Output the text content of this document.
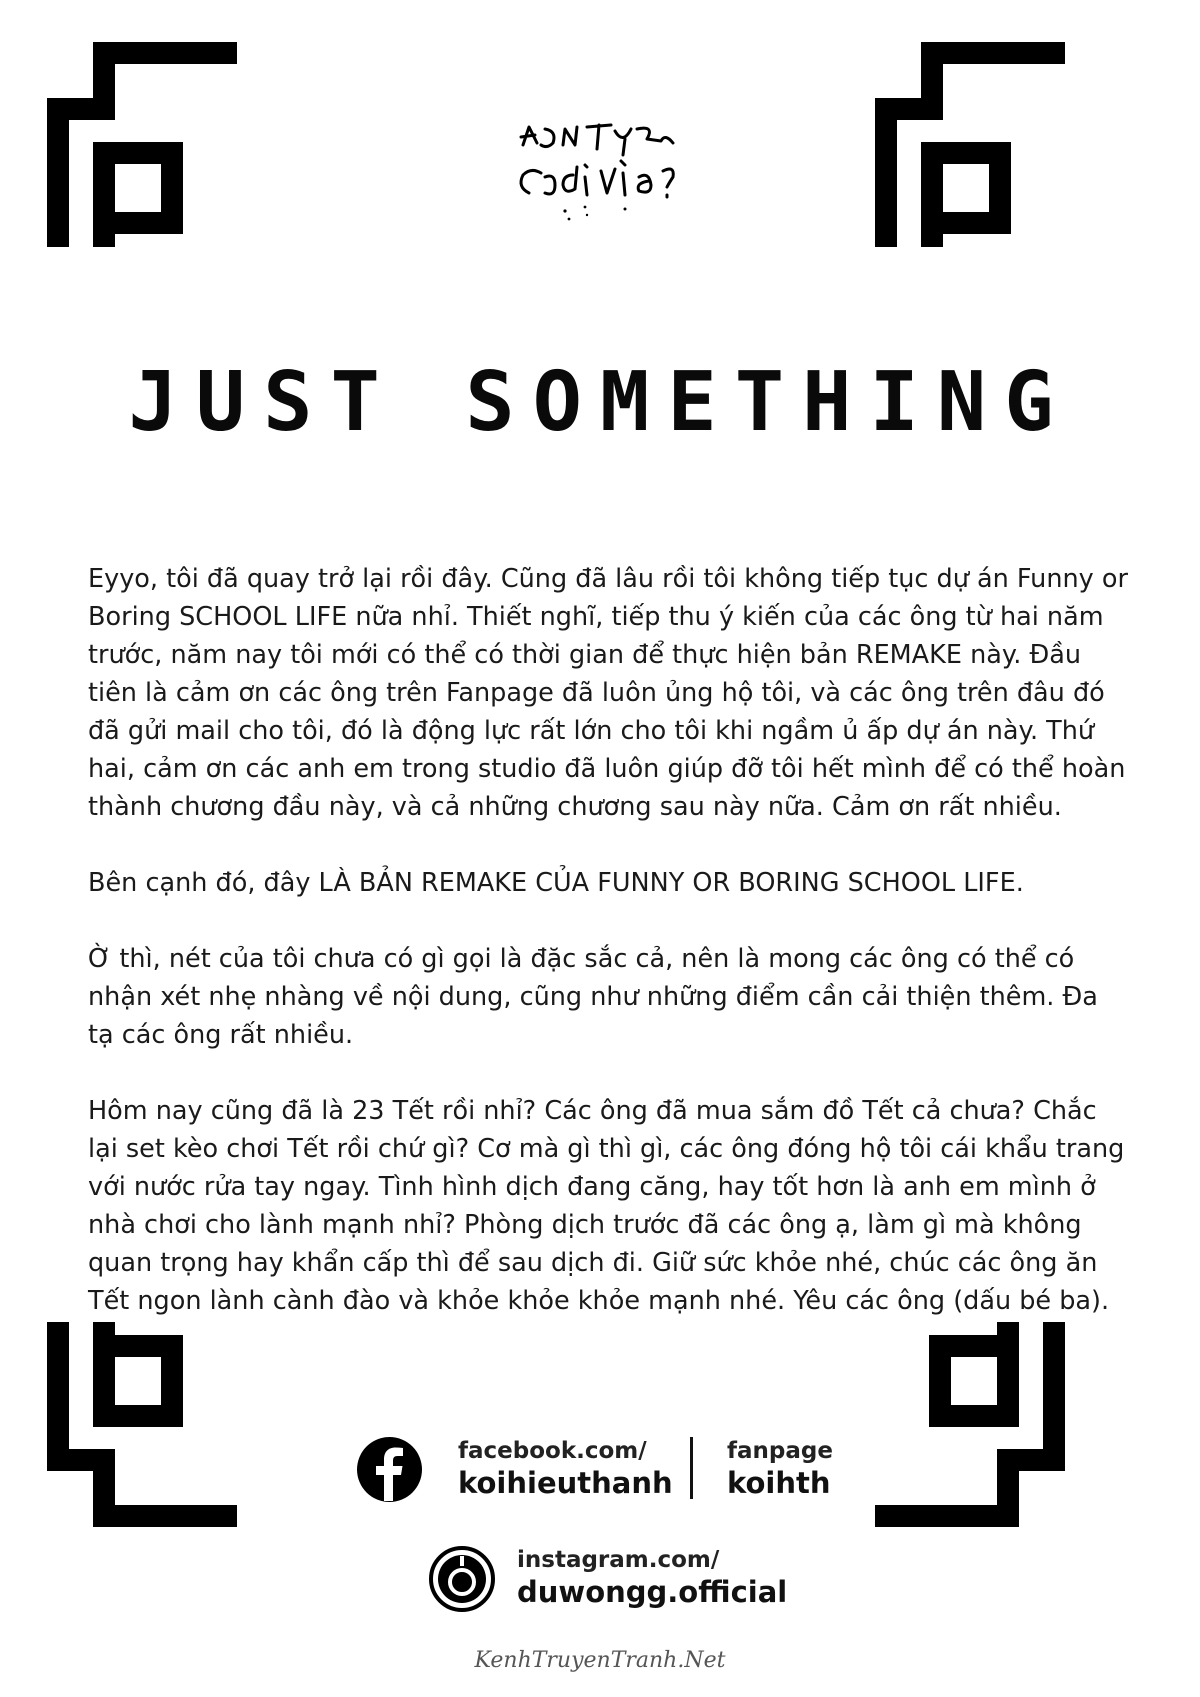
JUST SOMETHING

Eyyo, tôi đã quay trở lại rồi đây. Cũng đã lâu rồi tôi không tiếp tục dự án Funny or Boring SCHOOL LIFE nữa nhỉ. Thiết nghĩ, tiếp thu ý kiến của các ông từ hai năm trước, năm nay tôi mới có thể có thời gian để thực hiện bản REMAKE này. Đầu tiên là cảm ơn các ông trên Fanpage đã luôn ủng hộ tôi, và các ông trên đâu đó đã gửi mail cho tôi, đó là động lực rất lớn cho tôi khi ngầm ủ ấp dự án này. Thứ hai, cảm ơn các anh em trong studio đã luôn giúp đỡ tôi hết mình để có thể hoàn thành chương đầu này, và cả những chương sau này nữa. Cảm ơn rất nhiều.

Bên cạnh đó, đây LÀ BẢN REMAKE CỦA FUNNY OR BORING SCHOOL LIFE.

Ờ thì, nét của tôi chưa có gì gọi là đặc sắc cả, nên là mong các ông có thể có nhận xét nhẹ nhàng về nội dung, cũng như những điểm cần cải thiện thêm. Đa tạ các ông rất nhiều.

Hôm nay cũng đã là 23 Tết rồi nhỉ? Các ông đã mua sắm đồ Tết cả chưa? Chắc lại set kèo chơi Tết rồi chứ gì? Cơ mà gì thì gì, các ông đóng hộ tôi cái khẩu trang với nước rửa tay ngay. Tình hình dịch đang căng, hay tốt hơn là anh em mình ở nhà chơi cho lành mạnh nhỉ? Phòng dịch trước đã các ông ạ, làm gì mà không quan trọng hay khẩn cấp thì để sau dịch đi. Giữ sức khỏe nhé, chúc các ông ăn Tết ngon lành cành đào và khỏe khỏe khỏe mạnh nhé. Yêu các ông (dấu bé ba).

facebook.com/
koihieuthanh
fanpage
koihth
instagram.com/
duwongg.official
KenhTruyenTranh.Net
